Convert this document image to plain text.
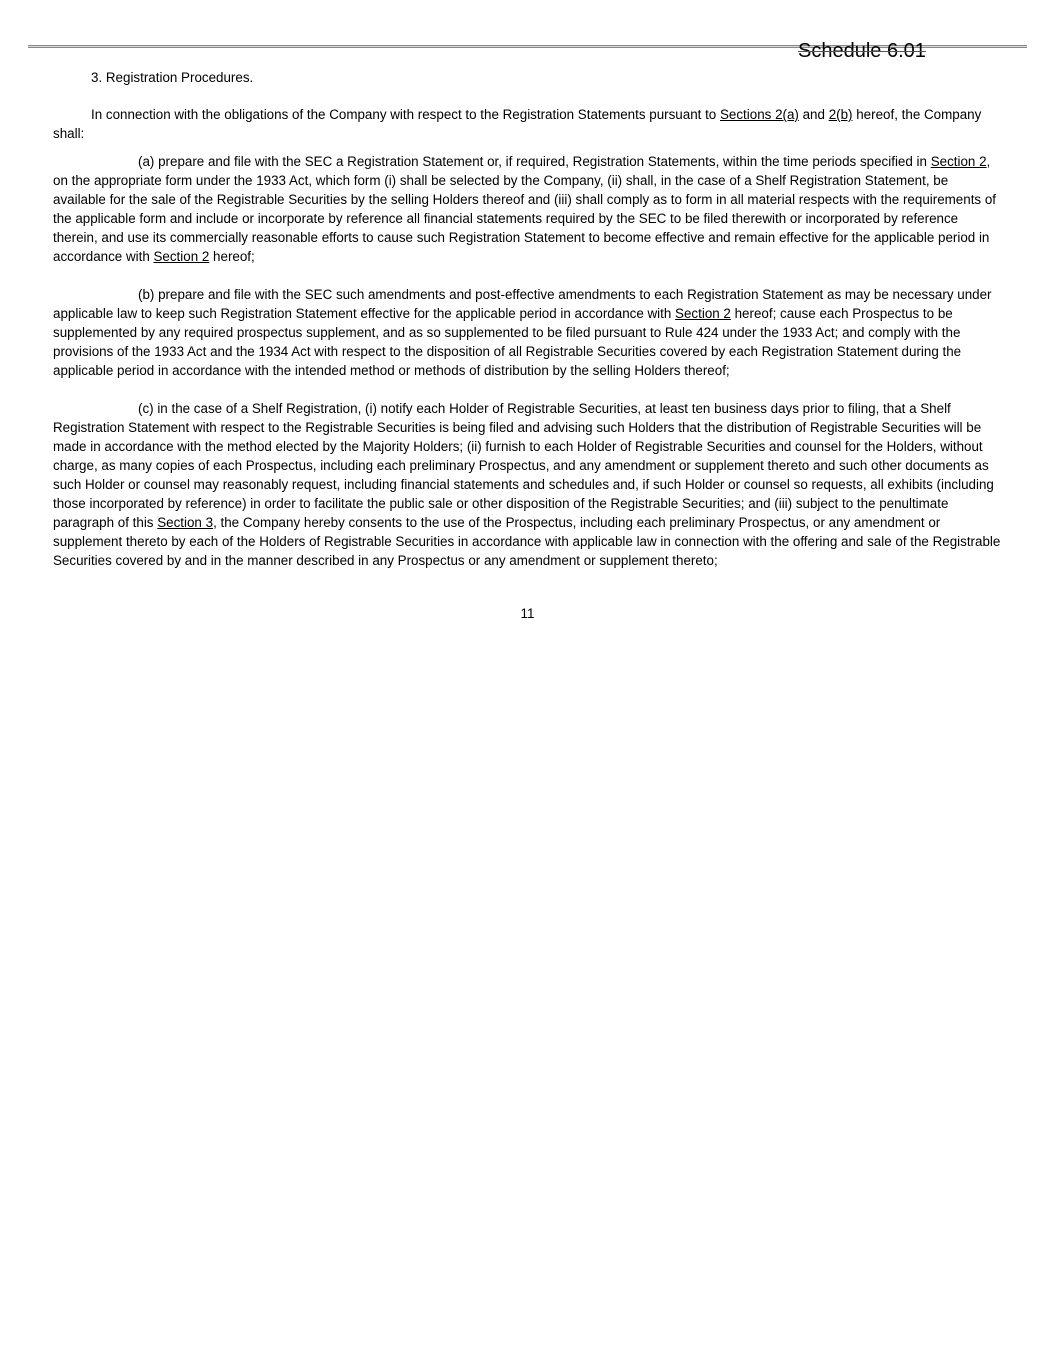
Schedule 6.01

3. Registration Procedures.

In connection with the obligations of the Company with respect to the Registration Statements pursuant to Sections 2(a) and 2(b) hereof, the Company shall:

(a) prepare and file with the SEC a Registration Statement or, if required, Registration Statements, within the time periods specified in Section 2, on the appropriate form under the 1933 Act, which form (i) shall be selected by the Company, (ii) shall, in the case of a Shelf Registration Statement, be available for the sale of the Registrable Securities by the selling Holders thereof and (iii) shall comply as to form in all material respects with the requirements of the applicable form and include or incorporate by reference all financial statements required by the SEC to be filed therewith or incorporated by reference therein, and use its commercially reasonable efforts to cause such Registration Statement to become effective and remain effective for the applicable period in accordance with Section 2 hereof;

(b) prepare and file with the SEC such amendments and post-effective amendments to each Registration Statement as may be necessary under applicable law to keep such Registration Statement effective for the applicable period in accordance with Section 2 hereof; cause each Prospectus to be supplemented by any required prospectus supplement, and as so supplemented to be filed pursuant to Rule 424 under the 1933 Act; and comply with the provisions of the 1933 Act and the 1934 Act with respect to the disposition of all Registrable Securities covered by each Registration Statement during the applicable period in accordance with the intended method or methods of distribution by the selling Holders thereof;

(c) in the case of a Shelf Registration, (i) notify each Holder of Registrable Securities, at least ten business days prior to filing, that a Shelf Registration Statement with respect to the Registrable Securities is being filed and advising such Holders that the distribution of Registrable Securities will be made in accordance with the method elected by the Majority Holders; (ii) furnish to each Holder of Registrable Securities and counsel for the Holders, without charge, as many copies of each Prospectus, including each preliminary Prospectus, and any amendment or supplement thereto and such other documents as such Holder or counsel may reasonably request, including financial statements and schedules and, if such Holder or counsel so requests, all exhibits (including those incorporated by reference) in order to facilitate the public sale or other disposition of the Registrable Securities; and (iii) subject to the penultimate paragraph of this Section 3, the Company hereby consents to the use of the Prospectus, including each preliminary Prospectus, or any amendment or supplement thereto by each of the Holders of Registrable Securities in accordance with applicable law in connection with the offering and sale of the Registrable Securities covered by and in the manner described in any Prospectus or any amendment or supplement thereto;

11
